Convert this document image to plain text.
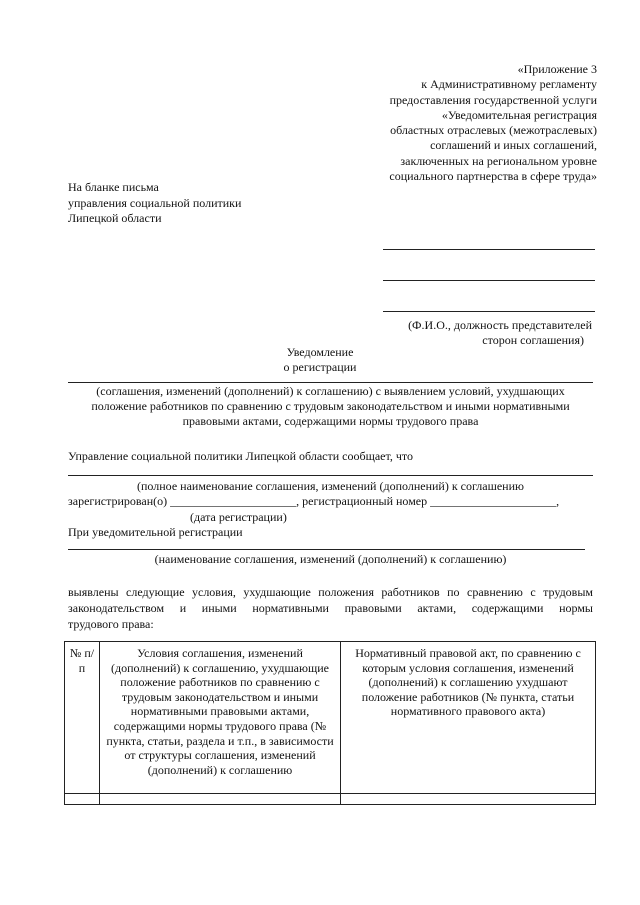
«Приложение 3
к Административному регламенту
предоставления государственной услуги
«Уведомительная регистрация
областных отраслевых (межотраслевых)
соглашений и иных соглашений,
заключенных на региональном уровне
социального партнерства в сфере труда»
На бланке письма
управления социальной политики
Липецкой области
(Ф.И.О., должность представителей
сторон соглашения)
Уведомление
о регистрации
(соглашения, изменений (дополнений) к соглашению) с выявлением условий, ухудшающих
положение работников по сравнению с трудовым законодательством и иными нормативными
правовыми актами, содержащими нормы трудового права
Управление социальной политики Липецкой области сообщает, что
(полное наименование соглашения, изменений (дополнений) к соглашению
зарегистрирован(о) _____________________, регистрационный номер _____________________,
(дата регистрации)
При уведомительной регистрации
(наименование соглашения, изменений (дополнений) к соглашению)
выявлены следующие условия, ухудшающие положения работников по сравнению с трудовым
законодательством и иными нормативными правовыми актами, содержащими нормы
трудового права:
№ п/п	Условия соглашения, изменений (дополнений) к соглашению, ухудшающие положение работников по сравнению с трудовым законодательством и иными нормативными правовыми актами, содержащими нормы трудового права (№ пункта, статьи, раздела и т.п., в зависимости от структуры соглашения, изменений (дополнений) к соглашению	Нормативный правовой акт, по сравнению с которым условия соглашения, изменений (дополнений) к соглашению ухудшают положение работников (№ пункта, статьи нормативного правового акта)
